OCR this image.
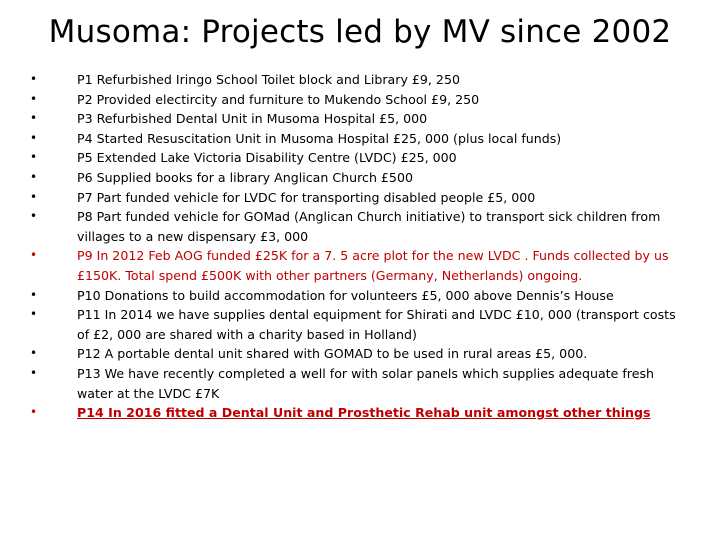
Musoma: Projects led by MV since 2002
•	P1 Refurbished Iringo School Toilet block and Library £9, 250
•	P2 Provided electircity and furniture to Mukendo School £9, 250
•	P3 Refurbished Dental Unit in Musoma Hospital £5, 000
•	P4 Started Resuscitation Unit in Musoma Hospital £25, 000 (plus local funds)
•	P5 Extended Lake Victoria Disability Centre (LVDC) £25, 000
•	P6 Supplied books for a library Anglican Church £500
•	P7 Part funded vehicle for LVDC for transporting disabled people £5, 000
•	P8 Part funded vehicle for GOMad (Anglican Church initiative) to transport sick children from villages to a new dispensary £3, 000
•	P9 In 2012 Feb AOG funded £25K for a 7. 5 acre plot for the new LVDC . Funds collected by us £150K. Total spend £500K with other partners (Germany, Netherlands) ongoing.
•	P10 Donations to build accommodation for volunteers £5, 000 above Dennis’s House
•	P11 In 2014 we have supplies dental equipment for Shirati and LVDC £10, 000 (transport costs of £2, 000 are shared with a charity based in Holland)
•	P12 A portable dental unit shared with GOMAD to be used in rural areas £5, 000.
•	P13 We have recently completed a well for with solar panels which supplies adequate fresh water at the LVDC £7K
•	P14 In 2016 fitted a Dental Unit and Prosthetic Rehab unit amongst other things
